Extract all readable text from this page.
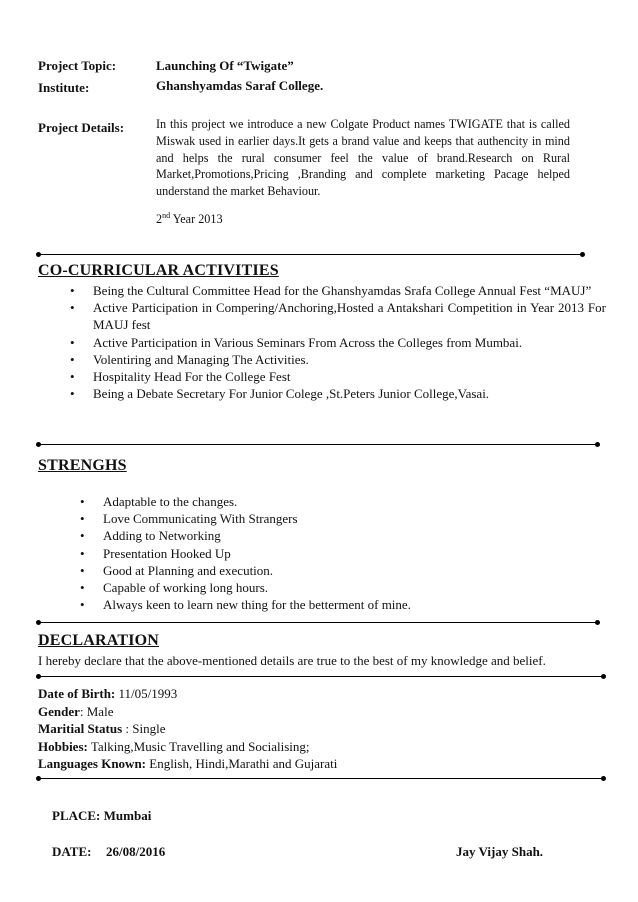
Project Topic:	Launching Of “Twigate”
Institute:	Ghanshyamdas Saraf College.
Project Details:	In this project we introduce a new Colgate Product names TWIGATE that is called Miswak used in earlier days.It gets a brand value and keeps that authencity in mind and helps the rural consumer feel the value of brand.Research on Rural Market,Promotions,Pricing ,Branding and complete marketing Pacage helped understand the market Behaviour.
2nd Year 2013
CO-CURRICULAR ACTIVITIES
• Being the Cultural Committee Head for the Ghanshyamdas Srafa College Annual Fest “MAUJ”
• Active Participation in Compering/Anchoring,Hosted a Antakshari Competition in Year 2013 For MAUJ fest
• Active Participation in Various Seminars From Across the Colleges from Mumbai.
• Volentiring and Managing The Activities.
• Hospitality Head For the College Fest
• Being a Debate Secretary For Junior Colege ,St.Peters Junior College,Vasai.
STRENGHS
• Adaptable to the changes.
• Love Communicating With Strangers
• Adding to Networking
• Presentation Hooked Up
• Good at Planning and execution.
• Capable of working long hours.
• Always keen to learn new thing for the betterment of mine.
DECLARATION
I hereby declare that the above-mentioned details are true to the best of my knowledge and belief.
Date of Birth: 11/05/1993
Gender: Male
Maritial Status : Single
Hobbies: Talking,Music Travelling and Socialising;
Languages Known: English, Hindi,Marathi and Gujarati
PLACE: Mumbai
DATE: 26/08/2016	Jay Vijay Shah.
